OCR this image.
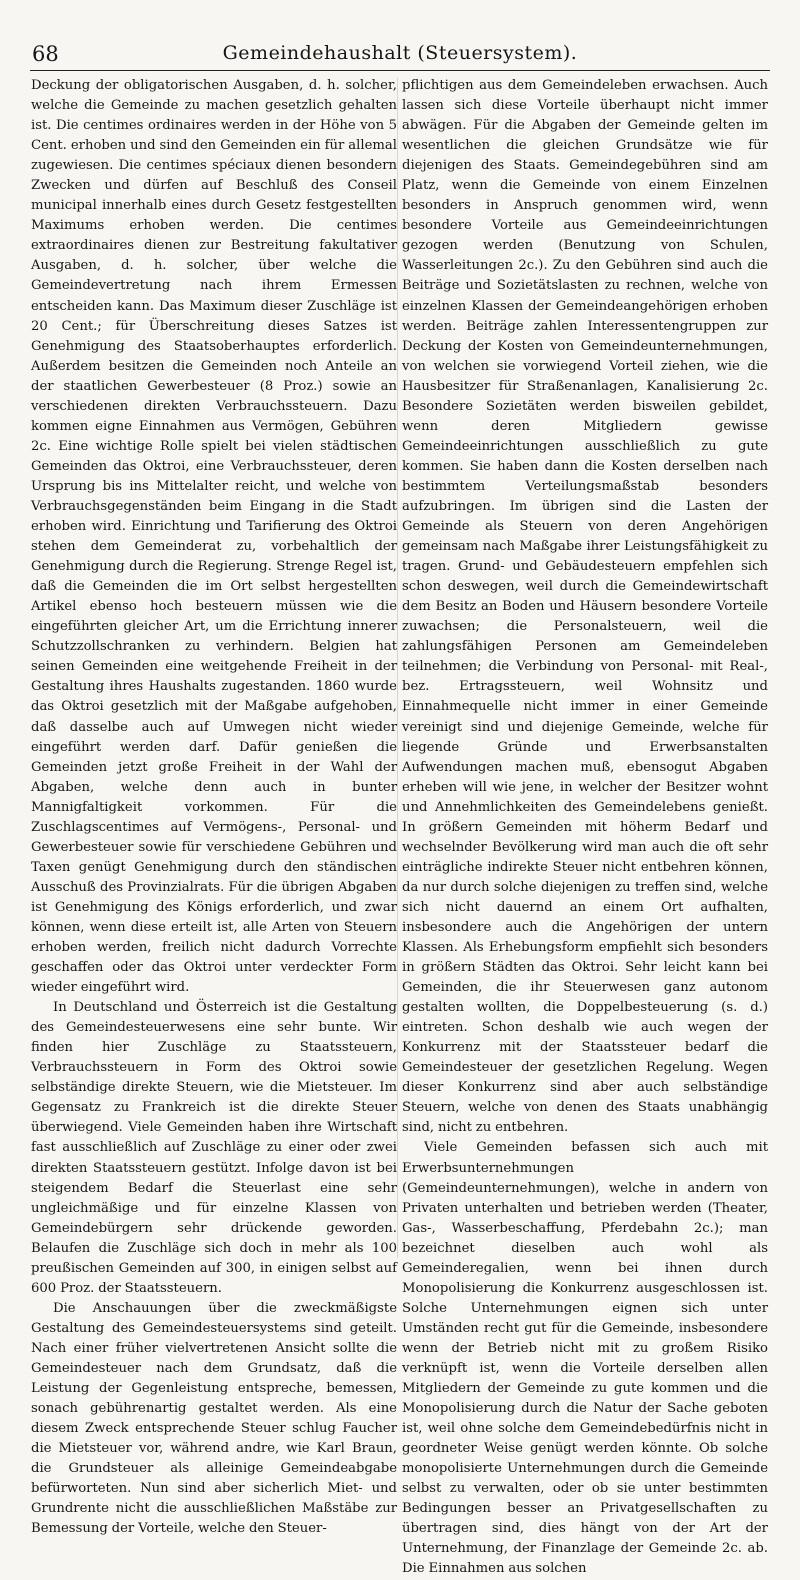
68	Gemeindehaushalt (Steuersystem).

Deckung der obligatorischen Ausgaben, d. h. solcher, welche die Gemeinde zu machen gesetzlich gehalten ist. Die centimes ordinaires werden in der Höhe von 5 Cent. erhoben und sind den Gemeinden ein für allemal zugewiesen. Die centimes spéciaux dienen besondern Zwecken und dürfen auf Beschluß des Conseil municipal innerhalb eines durch Gesetz festgestellten Maximums erhoben werden. Die centimes extraordinaires dienen zur Bestreitung fakultativer Ausgaben, d. h. solcher, über welche die Gemeindevertretung nach ihrem Ermessen entscheiden kann. Das Maximum dieser Zuschläge ist 20 Cent.; für Überschreitung dieses Satzes ist Genehmigung des Staatsoberhauptes erforderlich. Außerdem besitzen die Gemeinden noch Anteile an der staatlichen Gewerbesteuer (8 Proz.) sowie an verschiedenen direkten Verbrauchssteuern. Dazu kommen eigne Einnahmen aus Vermögen, Gebühren 2c. Eine wichtige Rolle spielt bei vielen städtischen Gemeinden das Oktroi, eine Verbrauchssteuer, deren Ursprung bis ins Mittelalter reicht, und welche von Verbrauchsgegenständen beim Eingang in die Stadt erhoben wird. Einrichtung und Tarifierung des Oktroi stehen dem Gemeinderat zu, vorbehaltlich der Genehmigung durch die Regierung. Strenge Regel ist, daß die Gemeinden die im Ort selbst hergestellten Artikel ebenso hoch besteuern müssen wie die eingeführten gleicher Art, um die Errichtung innerer Schutzzollschranken zu verhindern. Belgien hat seinen Gemeinden eine weitgehende Freiheit in der Gestaltung ihres Haushalts zugestanden. 1860 wurde das Oktroi gesetzlich mit der Maßgabe aufgehoben, daß dasselbe auch auf Umwegen nicht wieder eingeführt werden darf. Dafür genießen die Gemeinden jetzt große Freiheit in der Wahl der Abgaben, welche denn auch in bunter Mannigfaltigkeit vorkommen. Für die Zuschlagscentimes auf Vermögens-, Personal- und Gewerbesteuer sowie für verschiedene Gebühren und Taxen genügt Genehmigung durch den ständischen Ausschuß des Provinzialrats. Für die übrigen Abgaben ist Genehmigung des Königs erforderlich, und zwar können, wenn diese erteilt ist, alle Arten von Steuern erhoben werden, freilich nicht dadurch Vorrechte geschaffen oder das Oktroi unter verdeckter Form wieder eingeführt wird.

In Deutschland und Österreich ist die Gestaltung des Gemeindesteuerwesens eine sehr bunte. Wir finden hier Zuschläge zu Staatssteuern, Verbrauchssteuern in Form des Oktroi sowie selbständige direkte Steuern, wie die Mietsteuer. Im Gegensatz zu Frankreich ist die direkte Steuer überwiegend. Viele Gemeinden haben ihre Wirtschaft fast ausschließlich auf Zuschläge zu einer oder zwei direkten Staatssteuern gestützt. Infolge davon ist bei steigendem Bedarf die Steuerlast eine sehr ungleichmäßige und für einzelne Klassen von Gemeindebürgern sehr drückende geworden. Belaufen die Zuschläge sich doch in mehr als 100 preußischen Gemeinden auf 300, in einigen selbst auf 600 Proz. der Staatssteuern.

Die Anschauungen über die zweckmäßigste Gestaltung des Gemeindesteuersystems sind geteilt. Nach einer früher vielvertretenen Ansicht sollte die Gemeindesteuer nach dem Grundsatz, daß die Leistung der Gegenleistung entspreche, bemessen, sonach gebührenartig gestaltet werden. Als eine diesem Zweck entsprechende Steuer schlug Faucher die Mietsteuer vor, während andre, wie Karl Braun, die Grundsteuer als alleinige Gemeindeabgabe befürworteten. Nun sind aber sicherlich Miet- und Grundrente nicht die ausschließlichen Maßstäbe zur Bemessung der Vorteile, welche den Steuer-

pflichtigen aus dem Gemeindeleben erwachsen. Auch lassen sich diese Vorteile überhaupt nicht immer abwägen. Für die Abgaben der Gemeinde gelten im wesentlichen die gleichen Grundsätze wie für diejenigen des Staats. Gemeindegebühren sind am Platz, wenn die Gemeinde von einem Einzelnen besonders in Anspruch genommen wird, wenn besondere Vorteile aus Gemeindeeinrichtungen gezogen werden (Benutzung von Schulen, Wasserleitungen 2c.). Zu den Gebühren sind auch die Beiträge und Sozietätslasten zu rechnen, welche von einzelnen Klassen der Gemeindeangehörigen erhoben werden. Beiträge zahlen Interessentengruppen zur Deckung der Kosten von Gemeindeunternehmungen, von welchen sie vorwiegend Vorteil ziehen, wie die Hausbesitzer für Straßenanlagen, Kanalisierung 2c. Besondere Sozietäten werden bisweilen gebildet, wenn deren Mitgliedern gewisse Gemeindeeinrichtungen ausschließlich zu gute kommen. Sie haben dann die Kosten derselben nach bestimmtem Verteilungsmaßstab besonders aufzubringen. Im übrigen sind die Lasten der Gemeinde als Steuern von deren Angehörigen gemeinsam nach Maßgabe ihrer Leistungsfähigkeit zu tragen. Grund- und Gebäudesteuern empfehlen sich schon deswegen, weil durch die Gemeindewirtschaft dem Besitz an Boden und Häusern besondere Vorteile zuwachsen; die Personalsteuern, weil die zahlungsfähigen Personen am Gemeindeleben teilnehmen; die Verbindung von Personal- mit Real-, bez. Ertragssteuern, weil Wohnsitz und Einnahmequelle nicht immer in einer Gemeinde vereinigt sind und diejenige Gemeinde, welche für liegende Gründe und Erwerbsanstalten Aufwendungen machen muß, ebensogut Abgaben erheben will wie jene, in welcher der Besitzer wohnt und Annehmlichkeiten des Gemeindelebens genießt. In größern Gemeinden mit höherm Bedarf und wechselnder Bevölkerung wird man auch die oft sehr einträgliche indirekte Steuer nicht entbehren können, da nur durch solche diejenigen zu treffen sind, welche sich nicht dauernd an einem Ort aufhalten, insbesondere auch die Angehörigen der untern Klassen. Als Erhebungsform empfiehlt sich besonders in größern Städten das Oktroi. Sehr leicht kann bei Gemeinden, die ihr Steuerwesen ganz autonom gestalten wollten, die Doppelbesteuerung (s. d.) eintreten. Schon deshalb wie auch wegen der Konkurrenz mit der Staatssteuer bedarf die Gemeindesteuer der gesetzlichen Regelung. Wegen dieser Konkurrenz sind aber auch selbständige Steuern, welche von denen des Staats unabhängig sind, nicht zu entbehren.

Viele Gemeinden befassen sich auch mit Erwerbsunternehmungen (Gemeindeunternehmungen), welche in andern von Privaten unterhalten und betrieben werden (Theater, Gas-, Wasserbeschaffung, Pferdebahn 2c.); man bezeichnet dieselben auch wohl als Gemeinderegalien, wenn bei ihnen durch Monopolisierung die Konkurrenz ausgeschlossen ist. Solche Unternehmungen eignen sich unter Umständen recht gut für die Gemeinde, insbesondere wenn der Betrieb nicht mit zu großem Risiko verknüpft ist, wenn die Vorteile derselben allen Mitgliedern der Gemeinde zu gute kommen und die Monopolisierung durch die Natur der Sache geboten ist, weil ohne solche dem Gemeindebedürfnis nicht in geordneter Weise genügt werden könnte. Ob solche monopolisierte Unternehmungen durch die Gemeinde selbst zu verwalten, oder ob sie unter bestimmten Bedingungen besser an Privatgesellschaften zu übertragen sind, dies hängt von der Art der Unternehmung, der Finanzlage der Gemeinde 2c. ab. Die Einnahmen aus solchen
